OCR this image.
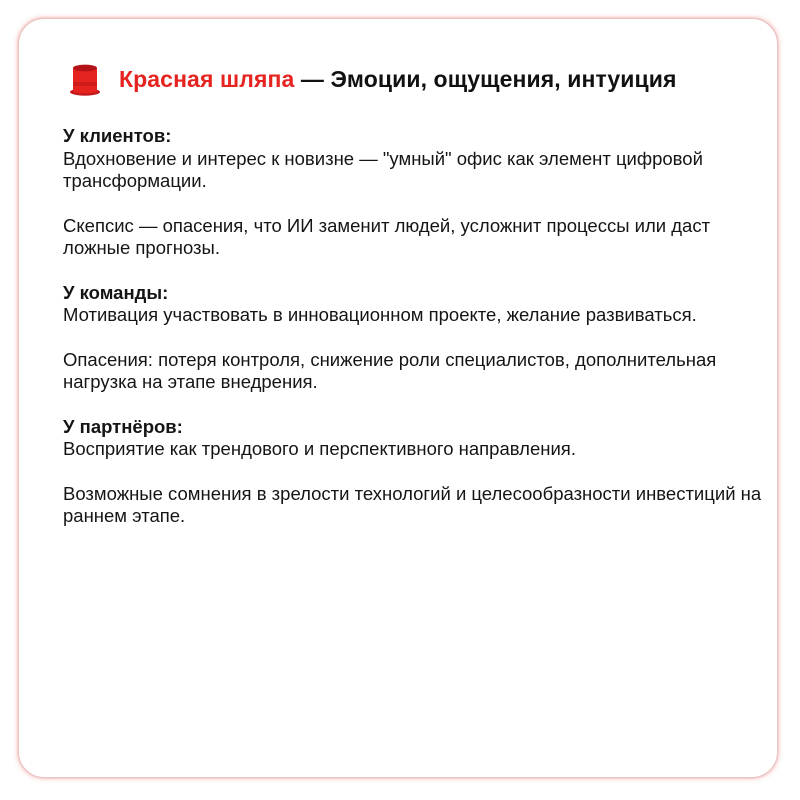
Красная шляпа — Эмоции, ощущения, интуиция

У клиентов:

Вдохновение и интерес к новизне — "умный" офис как элемент цифровой трансформации.

Скепсис — опасения, что ИИ заменит людей, усложнит процессы или даст ложные прогнозы.

У команды:

Мотивация участвовать в инновационном проекте, желание развиваться.

Опасения: потеря контроля, снижение роли специалистов, дополнительная нагрузка на этапе внедрения.

У партнёров:

Восприятие как трендового и перспективного направления.

Возможные сомнения в зрелости технологий и целесообразности инвестиций на раннем этапе.
